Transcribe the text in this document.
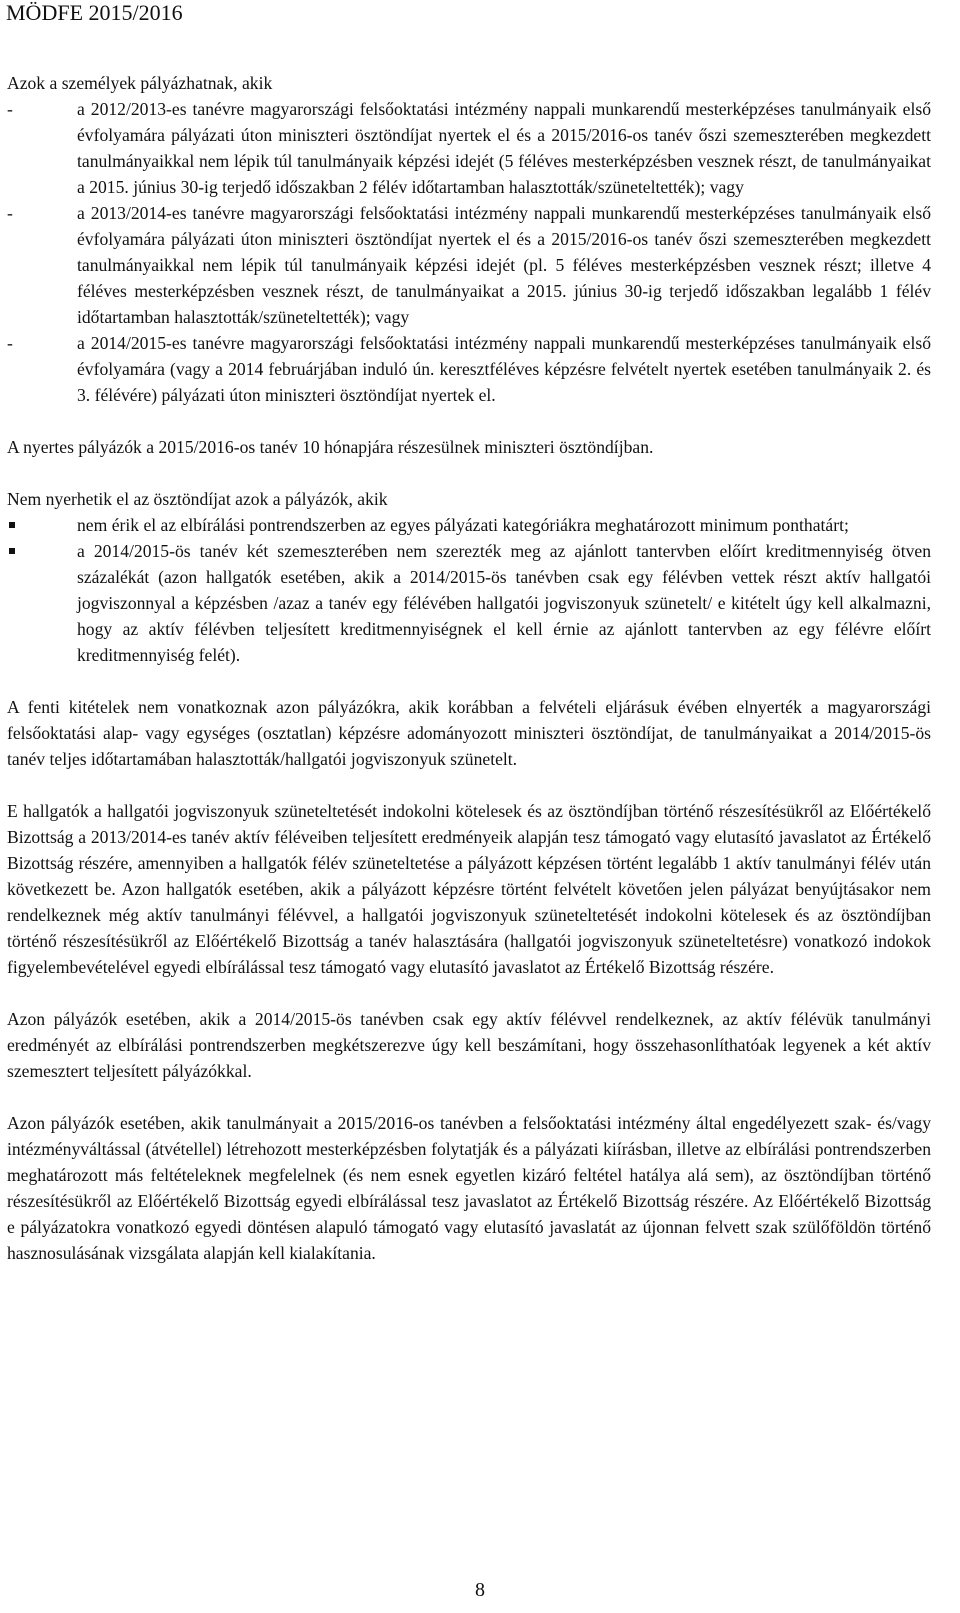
MÖDFE 2015/2016

Azok a személyek pályázhatnak, akik

-	a 2012/2013-es tanévre magyarországi felsőoktatási intézmény nappali munkarendű mesterképzéses tanulmányaik első évfolyamára pályázati úton miniszteri ösztöndíjat nyertek el és a 2015/2016-os tanév őszi szemeszterében megkezdett tanulmányaikkal nem lépik túl tanulmányaik képzési idejét (5 féléves mesterképzésben vesznek részt, de tanulmányaikat a 2015. június 30-ig terjedő időszakban 2 félév időtartamban halasztották/szüneteltették); vagy
-	a 2013/2014-es tanévre magyarországi felsőoktatási intézmény nappali munkarendű mesterképzéses tanulmányaik első évfolyamára pályázati úton miniszteri ösztöndíjat nyertek el és a 2015/2016-os tanév őszi szemeszterében megkezdett tanulmányaikkal nem lépik túl tanulmányaik képzési idejét (pl. 5 féléves mesterképzésben vesznek részt; illetve 4 féléves mesterképzésben vesznek részt, de tanulmányaikat a 2015. június 30-ig terjedő időszakban legalább 1 félév időtartamban halasztották/szüneteltették); vagy
-	a 2014/2015-es tanévre magyarországi felsőoktatási intézmény nappali munkarendű mesterképzéses tanulmányaik első évfolyamára (vagy a 2014 februárjában induló ún. keresztféléves képzésre felvételt nyertek esetében tanulmányaik 2. és 3. félévére) pályázati úton miniszteri ösztöndíjat nyertek el.

A nyertes pályázók a 2015/2016-os tanév 10 hónapjára részesülnek miniszteri ösztöndíjban.

Nem nyerhetik el az ösztöndíjat azok a pályázók, akik

nem érik el az elbírálási pontrendszerben az egyes pályázati kategóriákra meghatározott minimum ponthatárt;
a 2014/2015-ös tanév két szemeszterében nem szerezték meg az ajánlott tantervben előírt kreditmennyiség ötven százalékát (azon hallgatók esetében, akik a 2014/2015-ös tanévben csak egy félévben vettek részt aktív hallgatói jogviszonnyal a képzésben /azaz a tanév egy félévében hallgatói jogviszonyuk szünetelt/ e kitételt úgy kell alkalmazni, hogy az aktív félévben teljesített kreditmennyiségnek el kell érnie az ajánlott tantervben az egy félévre előírt kreditmennyiség felét).

A fenti kitételek nem vonatkoznak azon pályázókra, akik korábban a felvételi eljárásuk évében elnyerték a magyarországi felsőoktatási alap- vagy egységes (osztatlan) képzésre adományozott miniszteri ösztöndíjat, de tanulmányaikat a 2014/2015-ös tanév teljes időtartamában halasztották/hallgatói jogviszonyuk szünetelt.

E hallgatók a hallgatói jogviszonyuk szüneteltetését indokolni kötelesek és az ösztöndíjban történő részesítésükről az Előértékelő Bizottság a 2013/2014-es tanév aktív féléveiben teljesített eredményeik alapján tesz támogató vagy elutasító javaslatot az Értékelő Bizottság részére, amennyiben a hallgatók félév szüneteltetése a pályázott képzésen történt legalább 1 aktív tanulmányi félév után következett be. Azon hallgatók esetében, akik a pályázott képzésre történt felvételt követően jelen pályázat benyújtásakor nem rendelkeznek még aktív tanulmányi félévvel, a hallgatói jogviszonyuk szüneteltetését indokolni kötelesek és az ösztöndíjban történő részesítésükről az Előértékelő Bizottság a tanév halasztására (hallgatói jogviszonyuk szüneteltetésre) vonatkozó indokok figyelembevételével egyedi elbírálással tesz támogató vagy elutasító javaslatot az Értékelő Bizottság részére.

Azon pályázók esetében, akik a 2014/2015-ös tanévben csak egy aktív félévvel rendelkeznek, az aktív félévük tanulmányi eredményét az elbírálási pontrendszerben megkétszerezve úgy kell beszámítani, hogy összehasonlíthatóak legyenek a két aktív szemesztert teljesített pályázókkal.

Azon pályázók esetében, akik tanulmányait a 2015/2016-os tanévben a felsőoktatási intézmény által engedélyezett szak- és/vagy intézményváltással (átvétellel) létrehozott mesterképzésben folytatják és a pályázati kiírásban, illetve az elbírálási pontrendszerben meghatározott más feltételeknek megfelelnek (és nem esnek egyetlen kizáró feltétel hatálya alá sem), az ösztöndíjban történő részesítésükről az Előértékelő Bizottság egyedi elbírálással tesz javaslatot az Értékelő Bizottság részére. Az Előértékelő Bizottság e pályázatokra vonatkozó egyedi döntésen alapuló támogató vagy elutasító javaslatát az újonnan felvett szak szülőföldön történő hasznosulásának vizsgálata alapján kell kialakítania.

8
